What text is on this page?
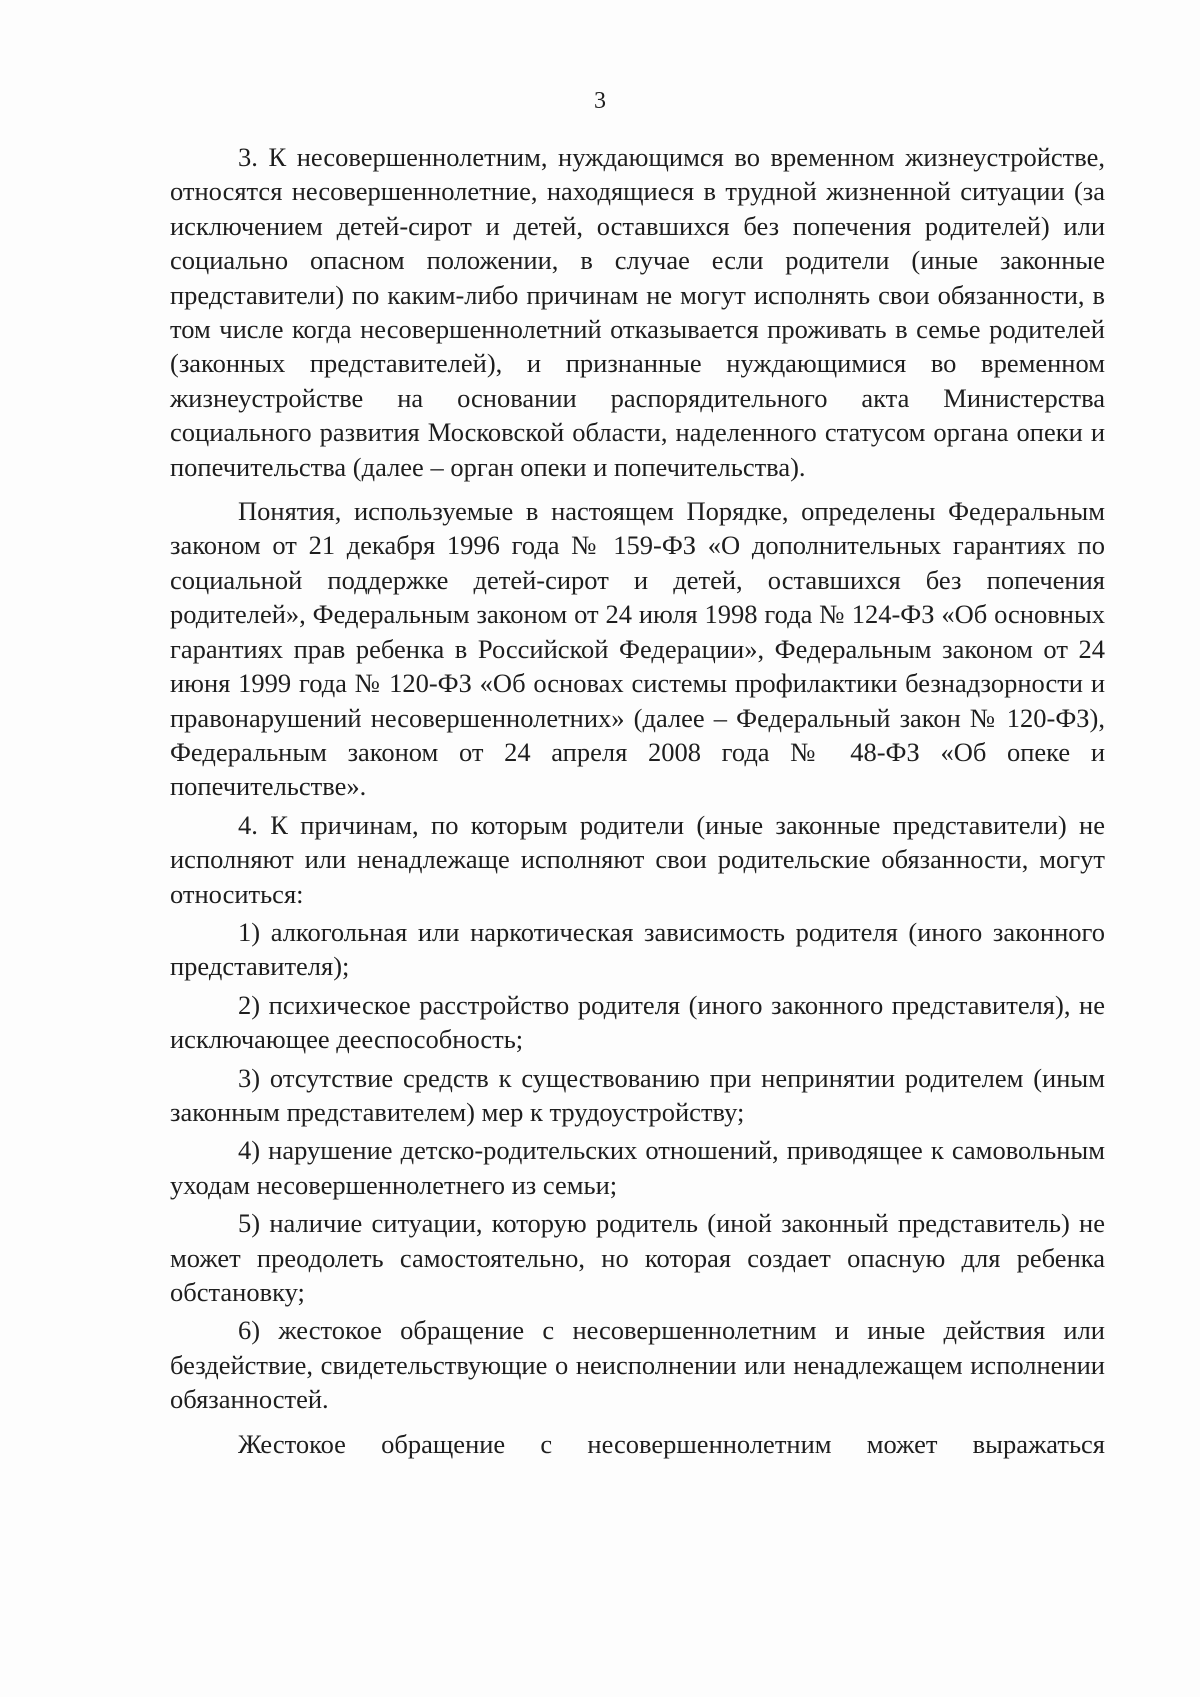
3

3. К несовершеннолетним, нуждающимся во временном жизнеустройстве, относятся несовершеннолетние, находящиеся в трудной жизненной ситуации (за исключением детей-сирот и детей, оставшихся без попечения родителей) или социально опасном положении, в случае если родители (иные законные представители) по каким-либо причинам не могут исполнять свои обязанности, в том числе когда несовершеннолетний отказывается проживать в семье родителей (законных представителей), и признанные нуждающимися во временном жизнеустройстве на основании распорядительного акта Министерства социального развития Московской области, наделенного статусом органа опеки и попечительства (далее – орган опеки и попечительства).

Понятия, используемые в настоящем Порядке, определены Федеральным законом от 21 декабря 1996 года № 159-ФЗ «О дополнительных гарантиях по социальной поддержке детей-сирот и детей, оставшихся без попечения родителей», Федеральным законом от 24 июля 1998 года № 124-ФЗ «Об основных гарантиях прав ребенка в Российской Федерации», Федеральным законом от 24 июня 1999 года № 120-ФЗ «Об основах системы профилактики безнадзорности и правонарушений несовершеннолетних» (далее – Федеральный закон № 120-ФЗ), Федеральным законом от 24 апреля 2008 года № 48-ФЗ «Об опеке и попечительстве».

4. К причинам, по которым родители (иные законные представители) не исполняют или ненадлежаще исполняют свои родительские обязанности, могут относиться:

1) алкогольная или наркотическая зависимость родителя (иного законного представителя);

2) психическое расстройство родителя (иного законного представителя), не исключающее дееспособность;

3) отсутствие средств к существованию при непринятии родителем (иным законным представителем) мер к трудоустройству;

4) нарушение детско-родительских отношений, приводящее к самовольным уходам несовершеннолетнего из семьи;

5) наличие ситуации, которую родитель (иной законный представитель) не может преодолеть самостоятельно, но которая создает опасную для ребенка обстановку;

6) жестокое обращение с несовершеннолетним и иные действия или бездействие, свидетельствующие о неисполнении или ненадлежащем исполнении обязанностей.

Жестокое обращение с несовершеннолетним может выражаться
